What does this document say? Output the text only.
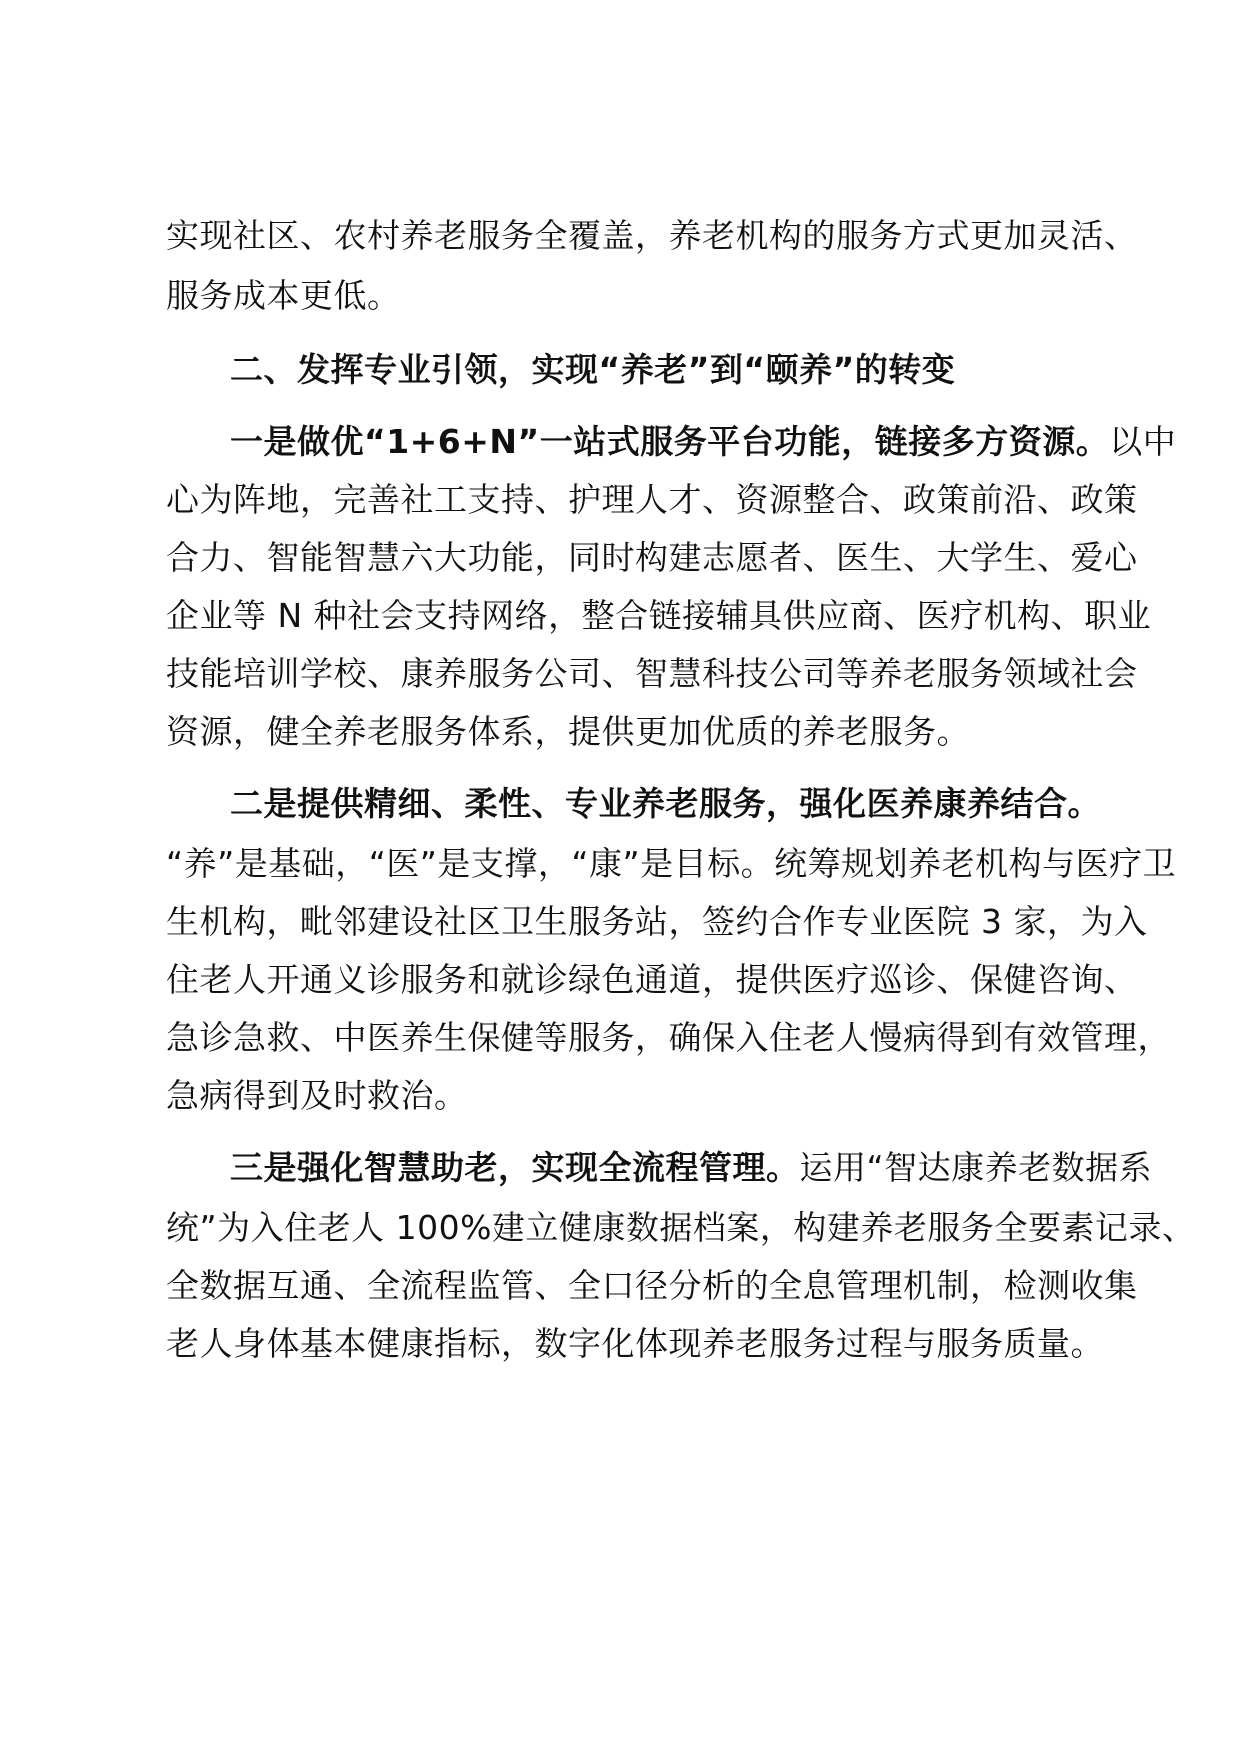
实现社区、农村养老服务全覆盖，养老机构的服务方式更加灵活、
服务成本更低。
二、发挥专业引领，实现“养老”到“颐养”的转变
一是做优“1+6+N”一站式服务平台功能，链接多方资源。以中
心为阵地，完善社工支持、护理人才、资源整合、政策前沿、政策
合力、智能智慧六大功能，同时构建志愿者、医生、大学生、爱心
企业等 N 种社会支持网络，整合链接辅具供应商、医疗机构、职业
技能培训学校、康养服务公司、智慧科技公司等养老服务领域社会
资源，健全养老服务体系，提供更加优质的养老服务。
二是提供精细、柔性、专业养老服务，强化医养康养结合。
“养”是基础，“医”是支撑，“康”是目标。统筹规划养老机构与医疗卫
生机构，毗邻建设社区卫生服务站，签约合作专业医院 3 家，为入
住老人开通义诊服务和就诊绿色通道，提供医疗巡诊、保健咨询、
急诊急救、中医养生保健等服务，确保入住老人慢病得到有效管理，
急病得到及时救治。
三是强化智慧助老，实现全流程管理。运用“智达康养老数据系
统”为入住老人 100%建立健康数据档案，构建养老服务全要素记录、
全数据互通、全流程监管、全口径分析的全息管理机制，检测收集
老人身体基本健康指标，数字化体现养老服务过程与服务质量。
